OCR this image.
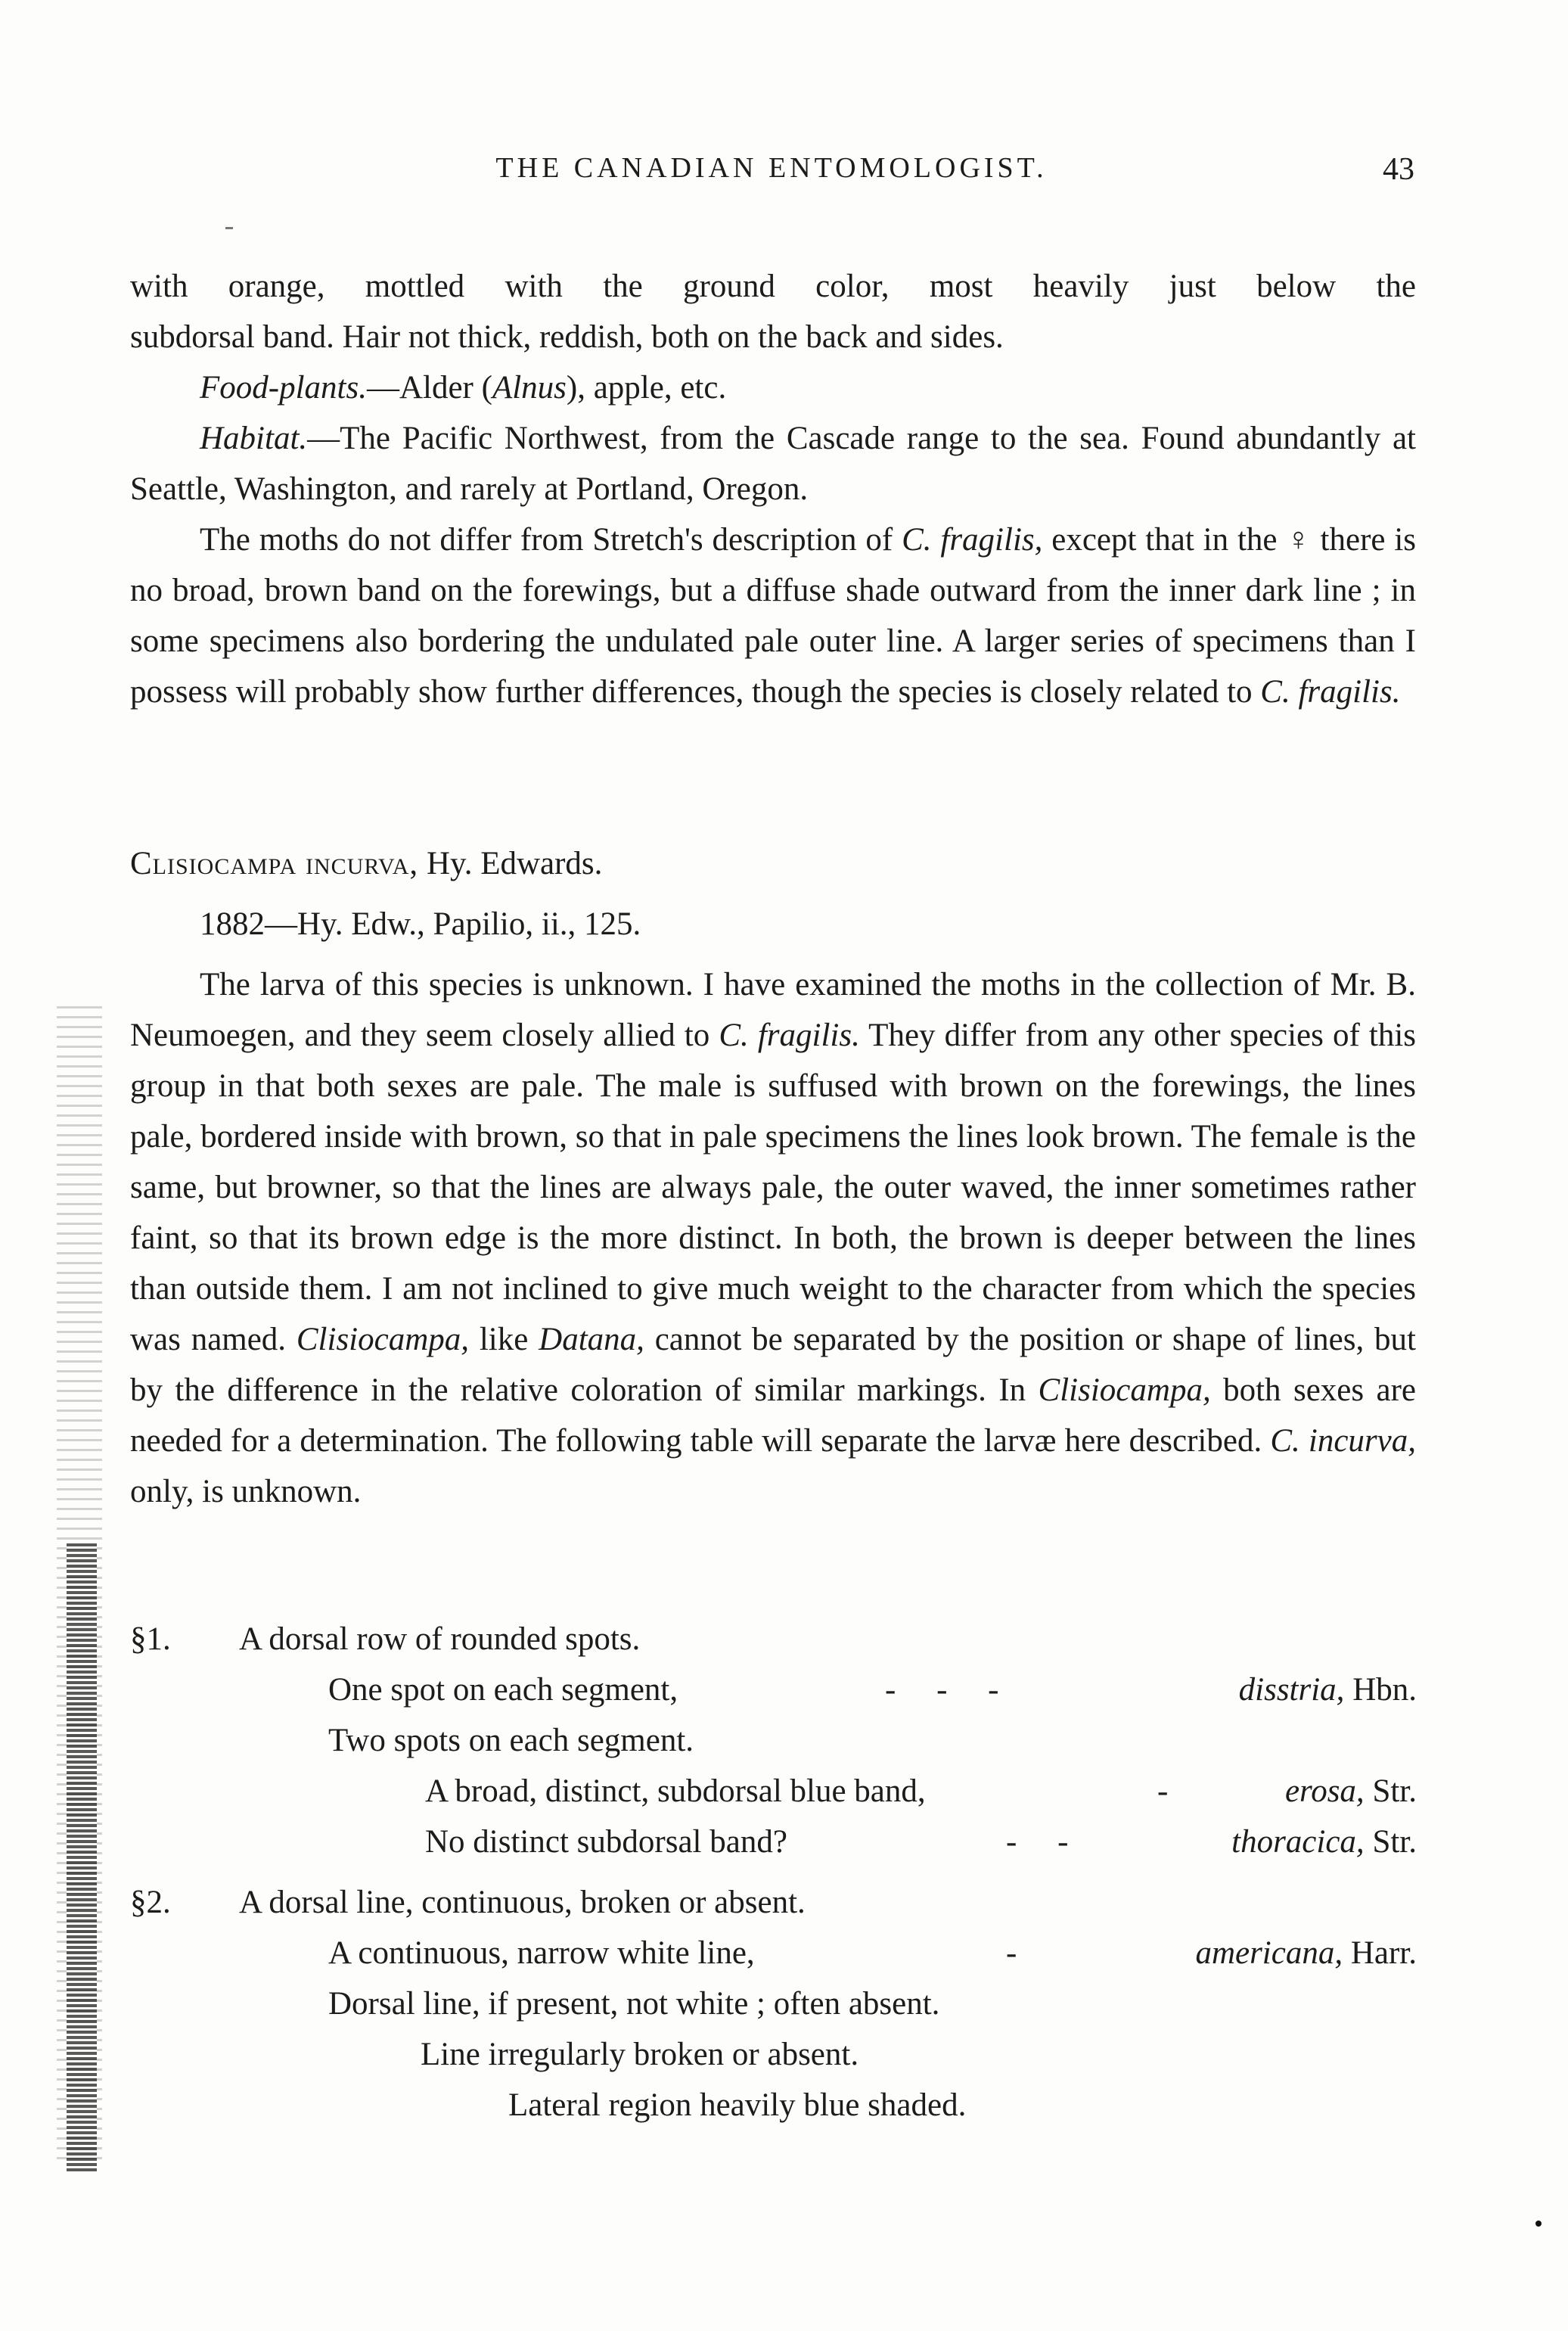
THE CANADIAN ENTOMOLOGIST.	43
with orange, mottled with the ground color, most heavily just below the
subdorsal band. Hair not thick, reddish, both on the back and sides.
Food-plants.—Alder (Alnus), apple, etc.
Habitat.—The Pacific Northwest, from the Cascade range to the sea. Found abundantly at Seattle, Washington, and rarely at Portland, Oregon.
The moths do not differ from Stretch's description of C. fragilis, except that in the ♀ there is no broad, brown band on the forewings, but a diffuse shade outward from the inner dark line ; in some specimens also bordering the undulated pale outer line. A larger series of specimens than I possess will probably show further differences, though the species is closely related to C. fragilis.
Clisiocampa incurva, Hy. Edwards.
1882—Hy. Edw., Papilio, ii., 125.
The larva of this species is unknown. I have examined the moths in the collection of Mr. B. Neumoegen, and they seem closely allied to C. fragilis. They differ from any other species of this group in that both sexes are pale. The male is suffused with brown on the forewings, the lines pale, bordered inside with brown, so that in pale specimens the lines look brown. The female is the same, but browner, so that the lines are always pale, the outer waved, the inner sometimes rather faint, so that its brown edge is the more distinct. In both, the brown is deeper between the lines than outside them. I am not inclined to give much weight to the character from which the species was named. Clisiocampa, like Datana, cannot be separated by the position or shape of lines, but by the difference in the relative coloration of similar markings. In Clisiocampa, both sexes are needed for a determination. The following table will separate the larvæ here described. C. incurva, only, is unknown.
§1. A dorsal row of rounded spots.
One spot on each segment,	-     -     -	disstria, Hbn.
Two spots on each segment.
A broad, distinct, subdorsal blue band,	-	erosa, Str.
No distinct subdorsal band?	-     -	thoracica, Str.
§2. A dorsal line, continuous, broken or absent.
A continuous, narrow white line,	-	americana, Harr.
Dorsal line, if present, not white ; often absent.
Line irregularly broken or absent.
Lateral region heavily blue shaded.
